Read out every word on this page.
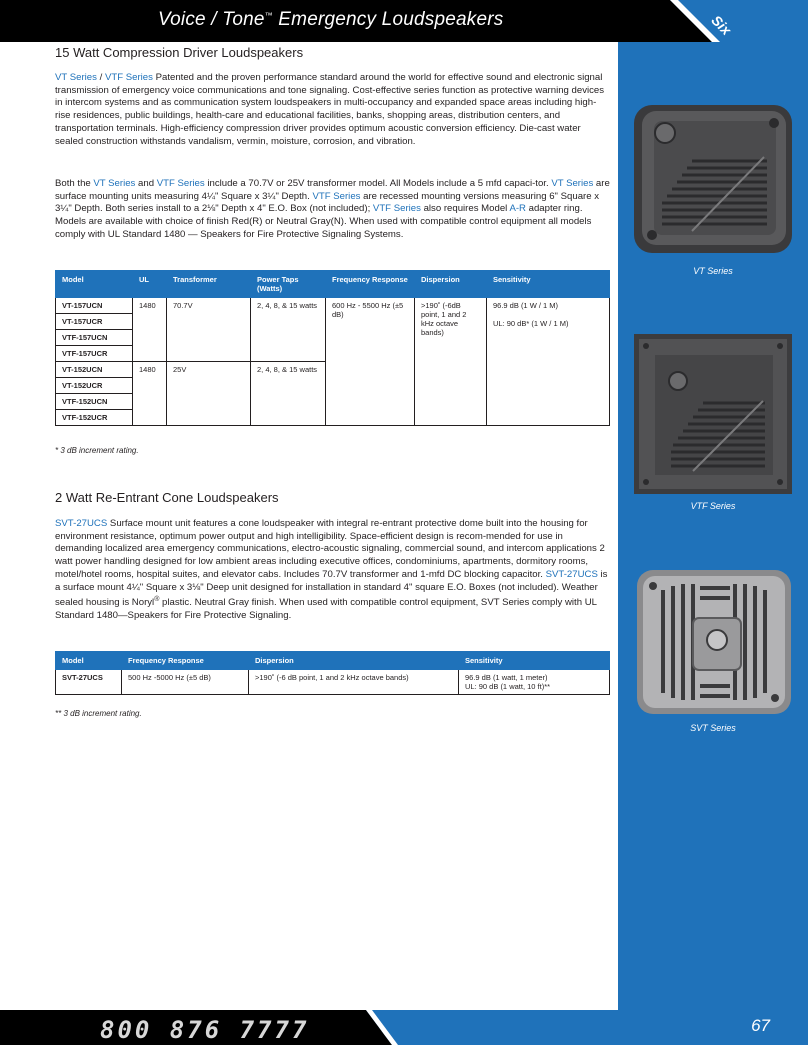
Voice / Tone™ Emergency Loudspeakers	Six
VT Series
VTF Series
SVT Series
15 Watt Compression Driver Loudspeakers

VT Series / VTF Series Patented and the proven performance standard around the world for effective sound and electronic signal transmission of emergency voice communications and tone signaling. Cost-effective series function as protective warning devices in intercom systems and as communication system loudspeakers in multi-occupancy and expanded space areas including high-rise residences, public buildings, health-care and educational facilities, banks, shopping areas, distribution centers, and transportation terminals. High-efficiency compression driver provides optimum acoustic conversion efficiency. Die-cast water sealed construction withstands vandalism, vermin, moisture, corrosion, and vibration.

Both the VT Series and VTF Series include a 70.7V or 25V transformer model. All Models include a 5 mfd capaci-tor. VT Series are surface mounting units measuring 4¼" Square x 3¼" Depth. VTF Series are recessed mounting versions measuring 6" Square x 3¼" Depth. Both series install to a 2⅛" Depth x 4" E.O. Box (not included); VTF Series also requires Model A-R adapter ring. Models are available with choice of finish Red(R) or Neutral Gray(N). When used with compatible control equipment all models comply with UL Standard 1480 — Speakers for Fire Protective Signaling Systems.

Model	UL	Transformer	Power Taps (Watts)	Frequency Response	Dispersion	Sensitivity
VT-157UCN	1480	70.7V	2, 4, 8, & 15 watts	600 Hz - 5500 Hz (±5 dB)	>190˚ (-6dB point, 1 and 2 kHz octave bands)	96.9 dB (1 W / 1 M)
UL: 90 dB* (1 W / 1 M)

VT-157UCR						
VTF-157UCN						
VTF-157UCR						
VT-152UCN	1480	25V	2, 4, 8, & 15 watts			
VT-152UCR						
VTF-152UCN						
VTF-152UCR						
* 3 dB increment rating.
2 Watt Re-Entrant Cone Loudspeakers

SVT-27UCS Surface mount unit features a cone loudspeaker with integral re-entrant protective dome built into the housing for environment resistance, optimum power output and high intelligibility. Space-efficient design is recom-mended for use in demanding localized area emergency communications, electro-acoustic signaling, commercial sound, and intercom applications 2 watt power handling designed for low ambient areas including executive offices, condominiums, apartments, dormitory rooms, motel/hotel rooms, hospital suites, and elevator cabs. Includes 70.7V transformer and 1-mfd DC blocking capacitor. SVT-27UCS is a surface mount 4¼" Square x 3⅛" Deep unit designed for installation in standard 4" square E.O. Boxes (not included). Weather sealed housing is Noryl® plastic. Neutral Gray finish. When used with compatible control equipment, SVT Series comply with UL Standard 1480—Speakers for Fire Protective Signaling.

Model	Frequency Response	Dispersion	Sensitivity
SVT-27UCS	500 Hz -5000 Hz (±5 dB)	>190˚ (-6 dB point, 1 and 2 kHz octave bands)	96.9 dB (1 watt, 1 meter)
UL: 90 dB (1 watt, 10 ft)**
** 3 dB increment rating.
800 876 7777	67
